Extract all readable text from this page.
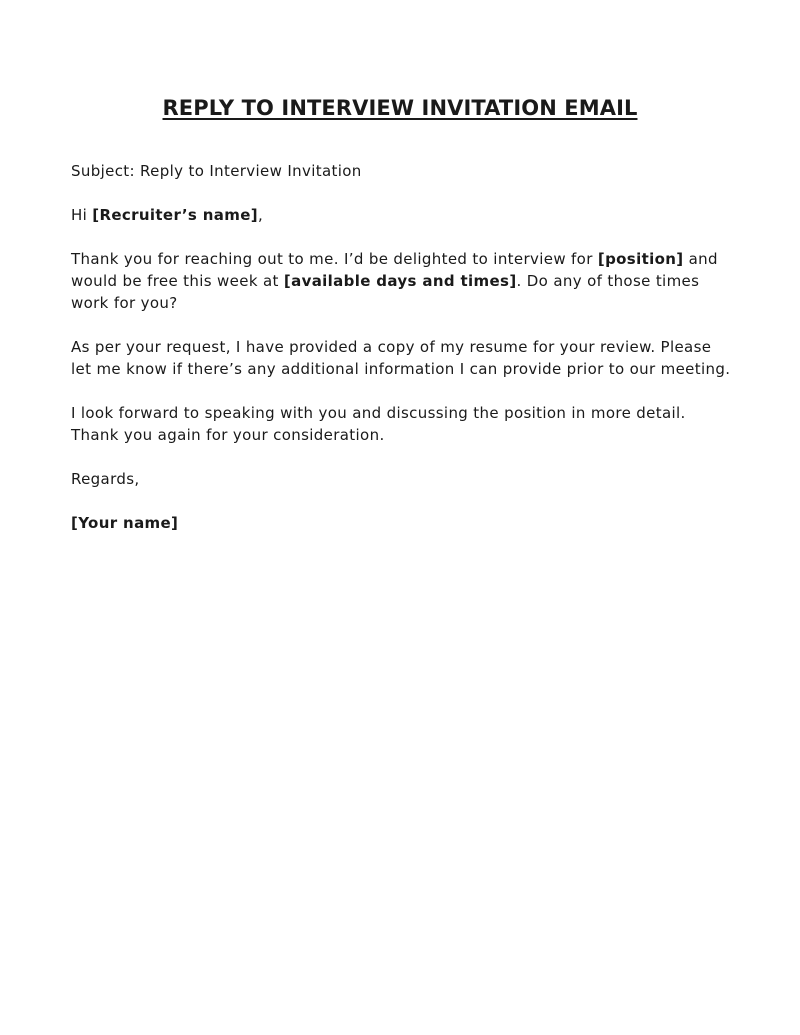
REPLY TO INTERVIEW INVITATION EMAIL

Subject: Reply to Interview Invitation

Hi [Recruiter’s name],

Thank you for reaching out to me. I’d be delighted to interview for [position] and would be free this week at [available days and times]. Do any of those times work for you?

As per your request, I have provided a copy of my resume for your review. Please let me know if there’s any additional information I can provide prior to our meeting.

I look forward to speaking with you and discussing the position in more detail. Thank you again for your consideration.

Regards,

[Your name]
